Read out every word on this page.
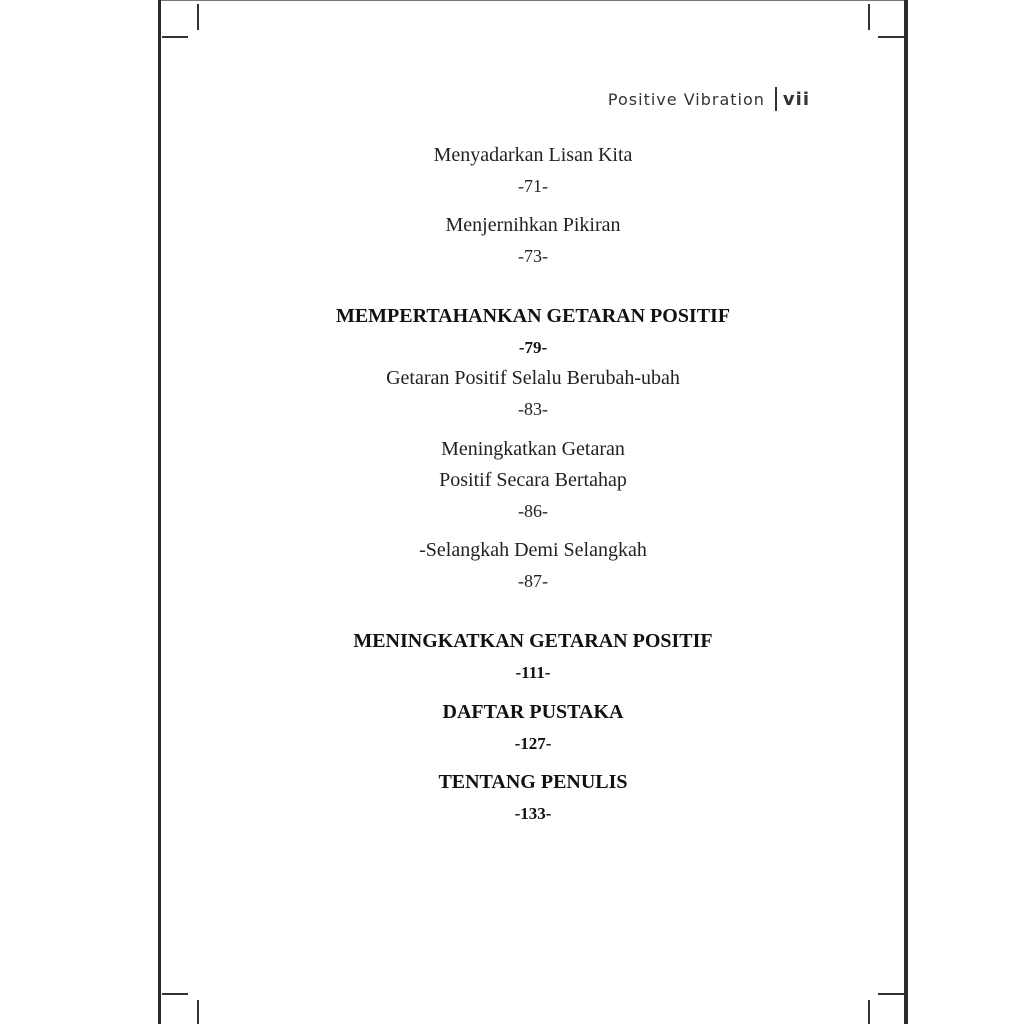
Positive Vibration vii
Menyadarkan Lisan Kita
-71-
Menjernihkan Pikiran
-73-
MEMPERTAHANKAN GETARAN POSITIF
-79-
Getaran Positif Selalu Berubah-ubah
-83-
Meningkatkan Getaran
Positif Secara Bertahap
-86-
-Selangkah Demi Selangkah
-87-
MENINGKATKAN GETARAN POSITIF
-111-
DAFTAR PUSTAKA
-127-
TENTANG PENULIS
-133-
